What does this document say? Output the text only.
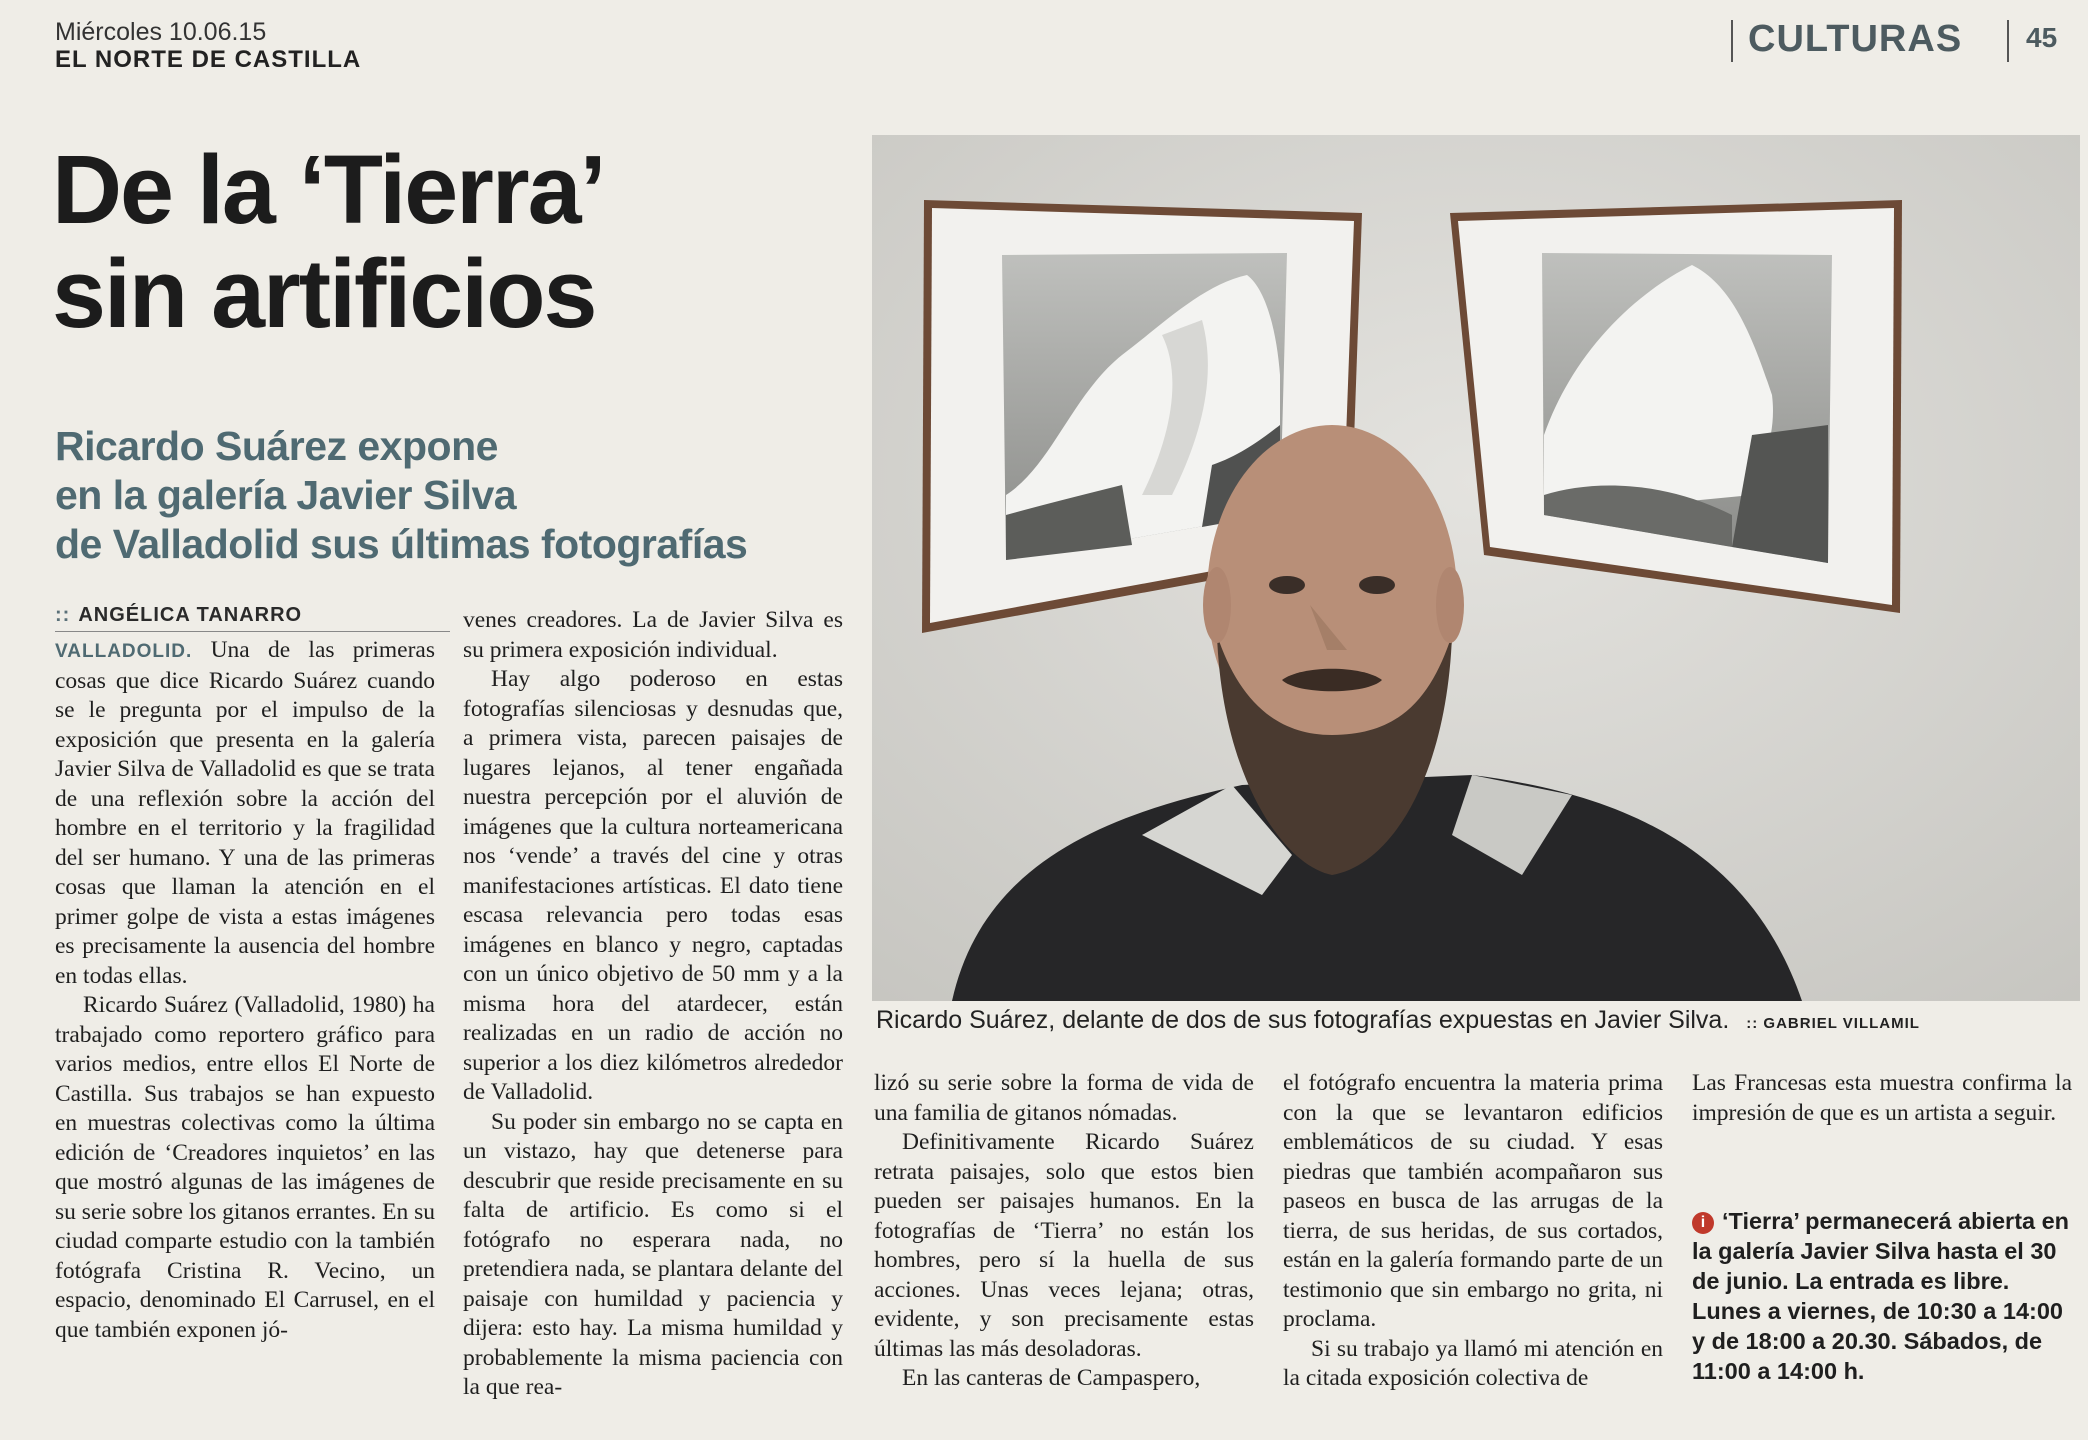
Miércoles 10.06.15
EL NORTE DE CASTILLA	CULTURAS 45
De la ‘Tierra’
sin artificios
Ricardo Suárez expone
en la galería Javier Silva
de Valladolid sus últimas fotografías
Ricardo Suárez, delante de dos de sus fotografías expuestas en Javier Silva. :: GABRIEL VILLAMIL
:: ANGÉLICA TANARRO

VALLADOLID. Una de las primeras cosas que dice Ricardo Suárez cuando se le pregunta por el impulso de la exposición que presenta en la galería Javier Silva de Valladolid es que se trata de una reflexión sobre la acción del hombre en el territorio y la fragilidad del ser humano. Y una de las primeras cosas que llaman la atención en el primer golpe de vista a estas imágenes es precisamente la ausencia del hombre en todas ellas.

Ricardo Suárez (Valladolid, 1980) ha trabajado como reportero gráfico para varios medios, entre ellos El Norte de Castilla. Sus trabajos se han expuesto en muestras colectivas como la última edición de ‘Creadores inquietos’ en las que mostró algunas de las imágenes de su serie sobre los gitanos errantes. En su ciudad comparte estudio con la también fotógrafa Cristina R. Vecino, un espacio, denominado El Carrusel, en el que también exponen jó-

venes creadores. La de Javier Silva es su primera exposición individual.

Hay algo poderoso en estas fotografías silenciosas y desnudas que, a primera vista, parecen paisajes de lugares lejanos, al tener engañada nuestra percepción por el aluvión de imágenes que la cultura norteamericana nos ‘vende’ a través del cine y otras manifestaciones artísticas. El dato tiene escasa relevancia pero todas esas imágenes en blanco y negro, captadas con un único objetivo de 50 mm y a la misma hora del atardecer, están realizadas en un radio de acción no superior a los diez kilómetros alrededor de Valladolid.

Su poder sin embargo no se capta en un vistazo, hay que detenerse para descubrir que reside precisamente en su falta de artificio. Es como si el fotógrafo no esperara nada, no pretendiera nada, se plantara delante del paisaje con humildad y paciencia y dijera: esto hay. La misma humildad y probablemente la misma paciencia con la que rea-

lizó su serie sobre la forma de vida de una familia de gitanos nómadas.

Definitivamente Ricardo Suárez retrata paisajes, solo que estos bien pueden ser paisajes humanos. En la fotografías de ‘Tierra’ no están los hombres, pero sí la huella de sus acciones. Unas veces lejana; otras, evidente, y son precisamente estas últimas las más desoladoras.

En las canteras de Campaspero,

el fotógrafo encuentra la materia prima con la que se levantaron edificios emblemáticos de su ciudad. Y esas piedras que también acompañaron sus paseos en busca de las arrugas de la tierra, de sus heridas, de sus cortados, están en la galería formando parte de un testimonio que sin embargo no grita, ni proclama.

Si su trabajo ya llamó mi atención en la citada exposición colectiva de

Las Francesas esta muestra confirma la impresión de que es un artista a seguir.

i ‘Tierra’ permanecerá abierta en la galería Javier Silva hasta el 30 de junio. La entrada es libre. Lunes a viernes, de 10:30 a 14:00 y de 18:00 a 20.30. Sábados, de 11:00 a 14:00 h.
